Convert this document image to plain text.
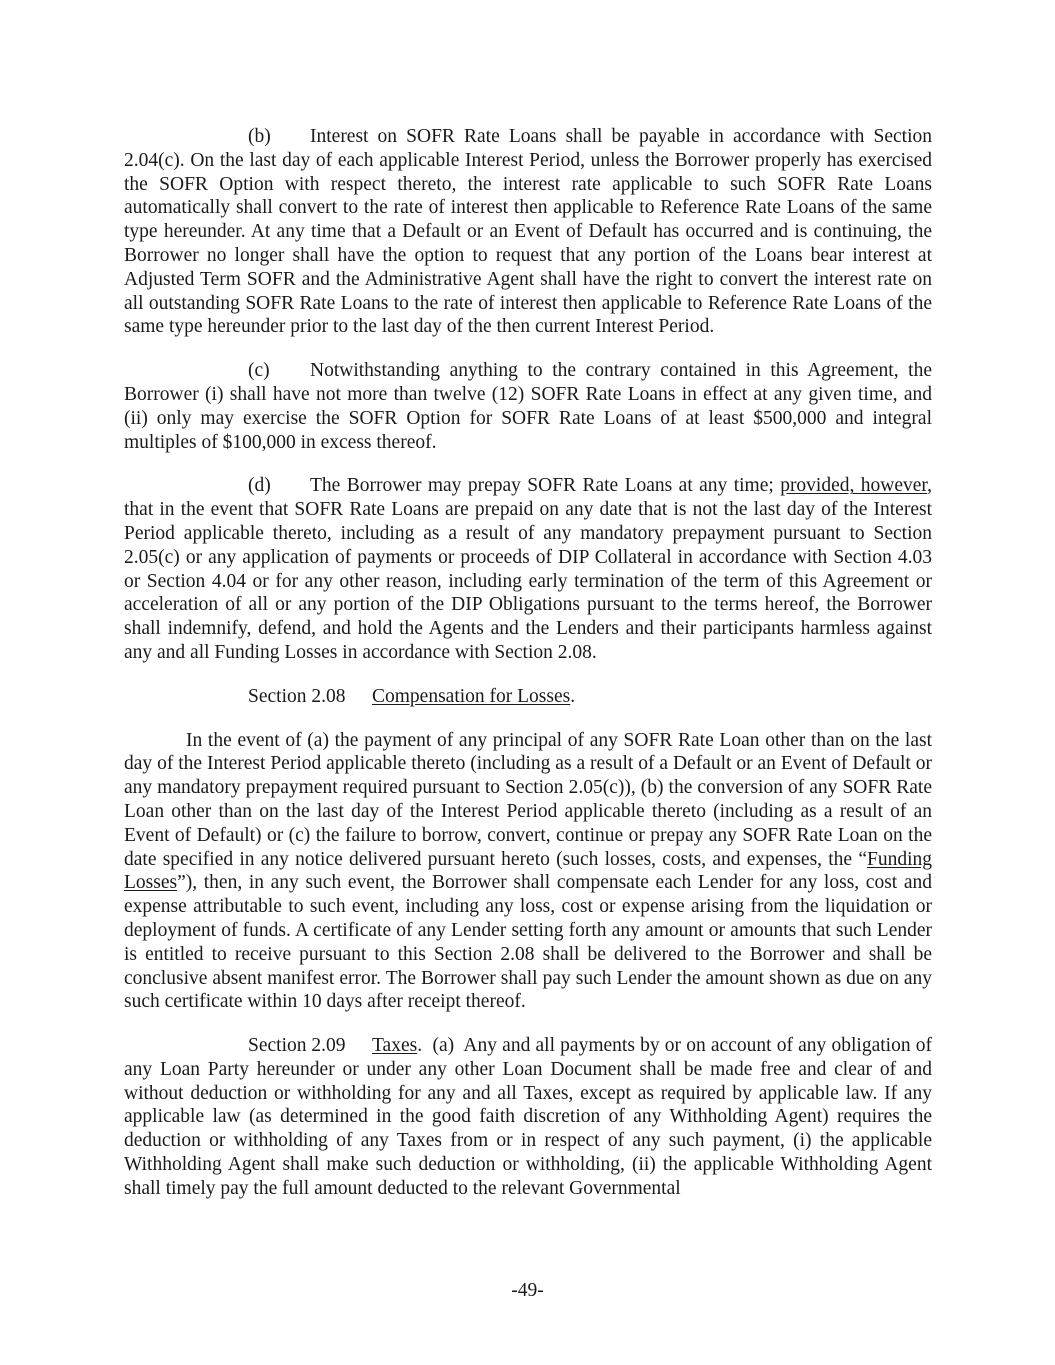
(b) Interest on SOFR Rate Loans shall be payable in accordance with Section 2.04(c). On the last day of each applicable Interest Period, unless the Borrower properly has exercised the SOFR Option with respect thereto, the interest rate applicable to such SOFR Rate Loans automatically shall convert to the rate of interest then applicable to Reference Rate Loans of the same type hereunder. At any time that a Default or an Event of Default has occurred and is continuing, the Borrower no longer shall have the option to request that any portion of the Loans bear interest at Adjusted Term SOFR and the Administrative Agent shall have the right to convert the interest rate on all outstanding SOFR Rate Loans to the rate of interest then applicable to Reference Rate Loans of the same type hereunder prior to the last day of the then current Interest Period.

(c) Notwithstanding anything to the contrary contained in this Agreement, the Borrower (i) shall have not more than twelve (12) SOFR Rate Loans in effect at any given time, and (ii) only may exercise the SOFR Option for SOFR Rate Loans of at least $500,000 and integral multiples of $100,000 in excess thereof.

(d) The Borrower may prepay SOFR Rate Loans at any time; provided, however, that in the event that SOFR Rate Loans are prepaid on any date that is not the last day of the Interest Period applicable thereto, including as a result of any mandatory prepayment pursuant to Section 2.05(c) or any application of payments or proceeds of DIP Collateral in accordance with Section 4.03 or Section 4.04 or for any other reason, including early termination of the term of this Agreement or acceleration of all or any portion of the DIP Obligations pursuant to the terms hereof, the Borrower shall indemnify, defend, and hold the Agents and the Lenders and their participants harmless against any and all Funding Losses in accordance with Section 2.08.

Section 2.08 Compensation for Losses.

In the event of (a) the payment of any principal of any SOFR Rate Loan other than on the last day of the Interest Period applicable thereto (including as a result of a Default or an Event of Default or any mandatory prepayment required pursuant to Section 2.05(c)), (b) the conversion of any SOFR Rate Loan other than on the last day of the Interest Period applicable thereto (including as a result of an Event of Default) or (c) the failure to borrow, convert, continue or prepay any SOFR Rate Loan on the date specified in any notice delivered pursuant hereto (such losses, costs, and expenses, the “Funding Losses”), then, in any such event, the Borrower shall compensate each Lender for any loss, cost and expense attributable to such event, including any loss, cost or expense arising from the liquidation or deployment of funds. A certificate of any Lender setting forth any amount or amounts that such Lender is entitled to receive pursuant to this Section 2.08 shall be delivered to the Borrower and shall be conclusive absent manifest error. The Borrower shall pay such Lender the amount shown as due on any such certificate within 10 days after receipt thereof.

Section 2.09 Taxes.  (a)  Any and all payments by or on account of any obligation of any Loan Party hereunder or under any other Loan Document shall be made free and clear of and without deduction or withholding for any and all Taxes, except as required by applicable law. If any applicable law (as determined in the good faith discretion of any Withholding Agent) requires the deduction or withholding of any Taxes from or in respect of any such payment, (i) the applicable Withholding Agent shall make such deduction or withholding, (ii) the applicable Withholding Agent shall timely pay the full amount deducted to the relevant Governmental

-49-
